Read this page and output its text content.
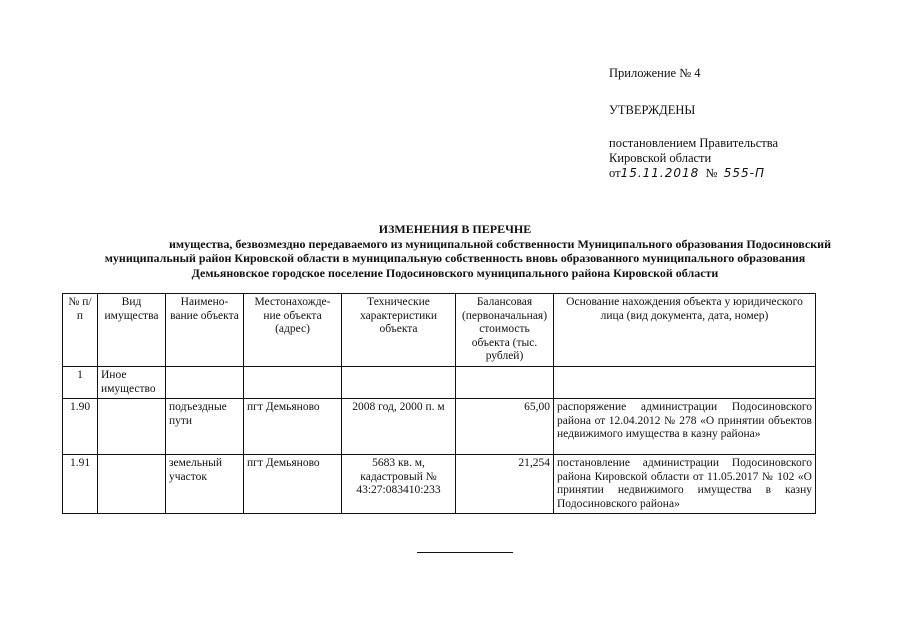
Приложение № 4
УТВЕРЖДЕНЫ
постановлением Правительства
Кировской области
от15.11.2018 № 555-П
ИЗМЕНЕНИЯ В ПЕРЕЧНЕ
имущества, безвозмездно передаваемого из муниципальной собственности Муниципального образования Подосиновский
муниципальный район Кировской области в муниципальную собственность вновь образованного муниципального образования
Демьяновское городское поселение Подосиновского муниципального района Кировской области
№ п/п	Вид имущества	Наимено-вание объекта	Местонахожде-ние объекта (адрес)	Технические характеристики объекта	Балансовая (первоначальная) стоимость объекта (тыс. рублей)	Основание нахождения объекта у юридического лица (вид документа, дата, номер)
1	Иное имущество					
1.90		подъездные пути	пгт Демьяново	2008 год, 2000 п. м	65,00	распоряжение администрации Подосиновского района от 12.04.2012 № 278 «О принятии объектов недвижимого имущества в казну района»
1.91		земельный участок	пгт Демьяново	5683 кв. м, кадастровый № 43:27:083410:233	21,254	постановление администрации Подосиновского района Кировской области от 11.05.2017 № 102 «О принятии недвижимого имущества в казну Подосиновского района»
